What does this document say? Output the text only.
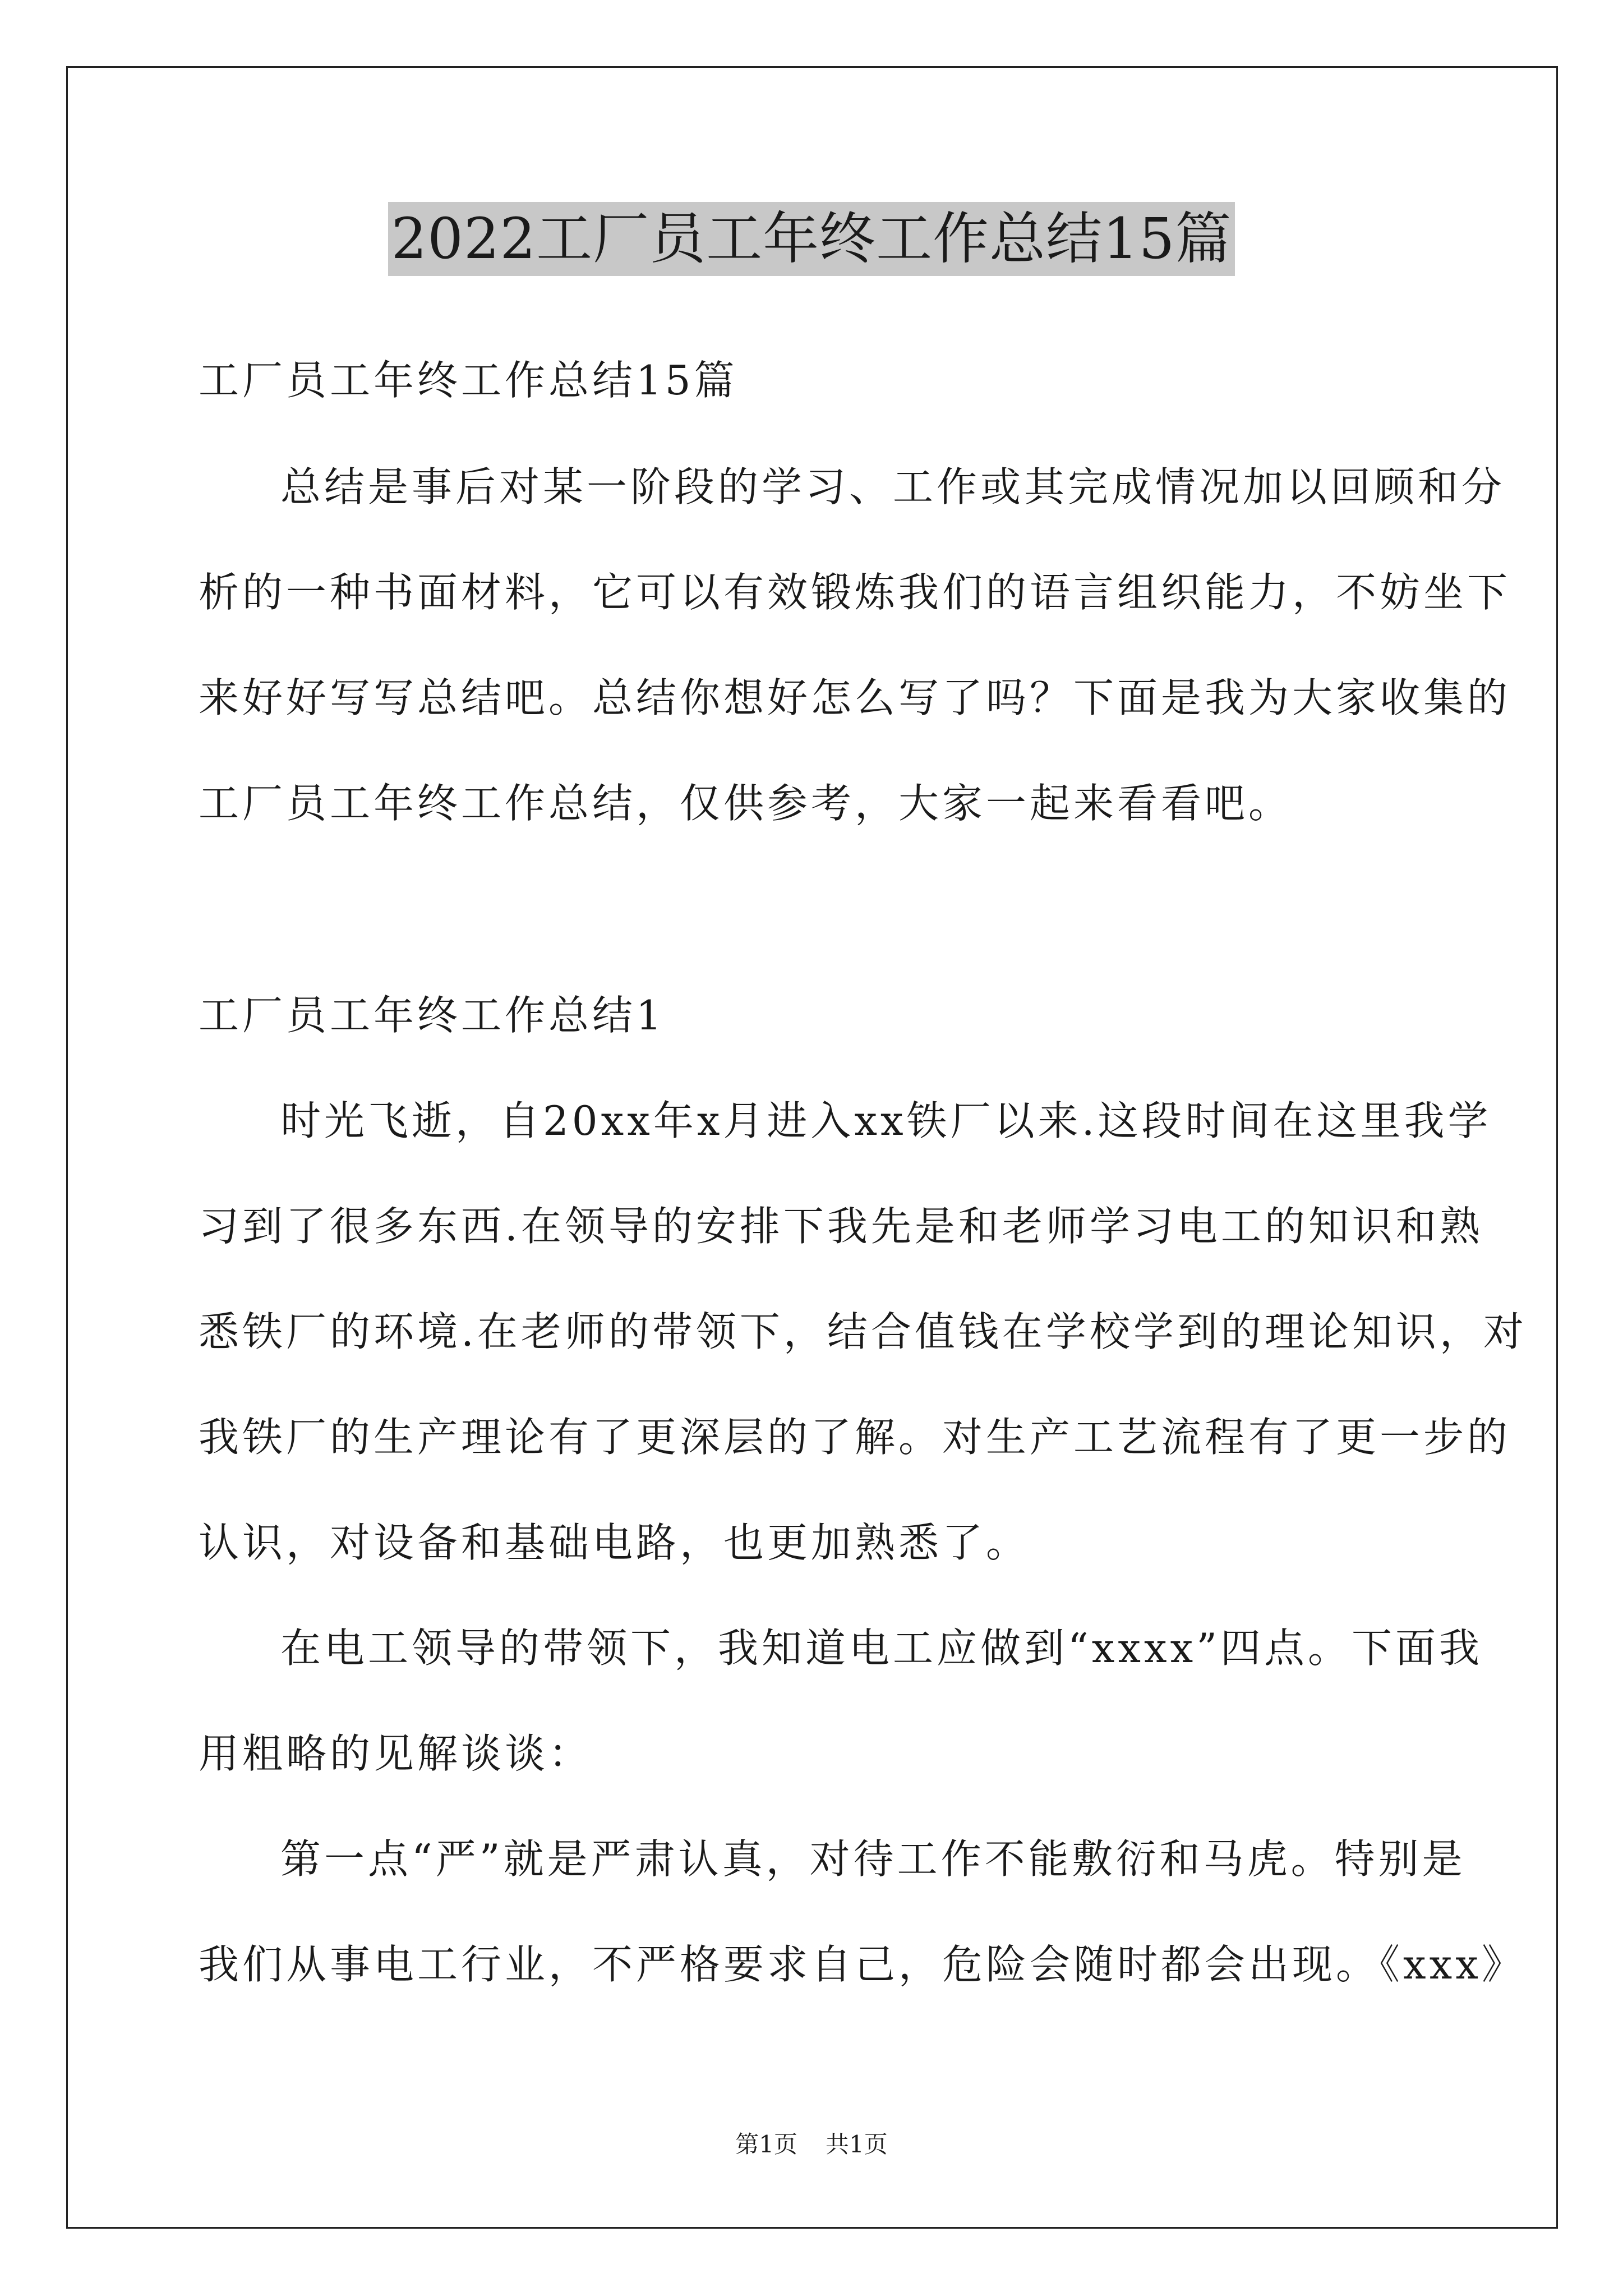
2022工厂员工年终工作总结15篇
工厂员工年终工作总结15篇
总结是事后对某一阶段的学习、工作或其完成情况加以回顾和分
析的一种书面材料，它可以有效锻炼我们的语言组织能力，不妨坐下
来好好写写总结吧。总结你想好怎么写了吗？下面是我为大家收集的
工厂员工年终工作总结，仅供参考，大家一起来看看吧。
工厂员工年终工作总结1
时光飞逝，自20xx年x月进入xx铁厂以来.这段时间在这里我学
习到了很多东西.在领导的安排下我先是和老师学习电工的知识和熟
悉铁厂的环境.在老师的带领下，结合值钱在学校学到的理论知识，对
我铁厂的生产理论有了更深层的了解。对生产工艺流程有了更一步的
认识，对设备和基础电路，也更加熟悉了。
在电工领导的带领下，我知道电工应做到“xxxx”四点。下面我
用粗略的见解谈谈：
第一点“严”就是严肃认真，对待工作不能敷衍和马虎。特别是
我们从事电工行业，不严格要求自己，危险会随时都会出现。《xxx》
第1页 共1页
